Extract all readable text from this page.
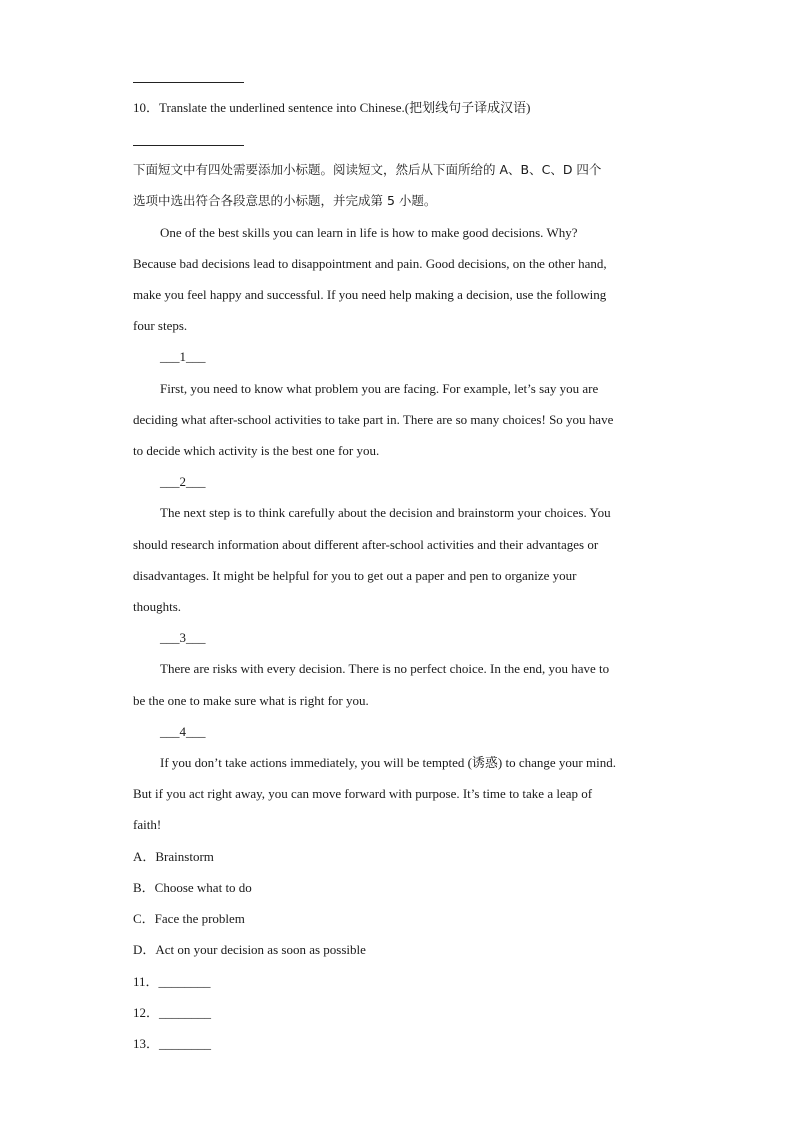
10．Translate the underlined sentence into Chinese.(把划线句子译成汉语)
下面短文中有四处需要添加小标题。阅读短文，然后从下面所给的 A、B、C、D 四个
选项中选出符合各段意思的小标题，并完成第 5 小题。
One of the best skills you can learn in life is how to make good decisions. Why?
Because bad decisions lead to disappointment and pain. Good decisions, on the other hand,
make you feel happy and successful. If you need help making a decision, use the following
four steps.
___1___
First, you need to know what problem you are facing. For example, let’s say you are
deciding what after-school activities to take part in. There are so many choices! So you have
to decide which activity is the best one for you.
___2___
The next step is to think carefully about the decision and brainstorm your choices. You
should research information about different after-school activities and their advantages or
disadvantages. It might be helpful for you to get out a paper and pen to organize your
thoughts.
___3___
There are risks with every decision. There is no perfect choice. In the end, you have to
be the one to make sure what is right for you.
___4___
If you don’t take actions immediately, you will be tempted (诱惑) to change your mind.
But if you act right away, you can move forward with purpose. It’s time to take a leap of
faith!
A．Brainstorm
B．Choose what to do
C．Face the problem
D．Act on your decision as soon as possible
11．________
12．________
13．________
